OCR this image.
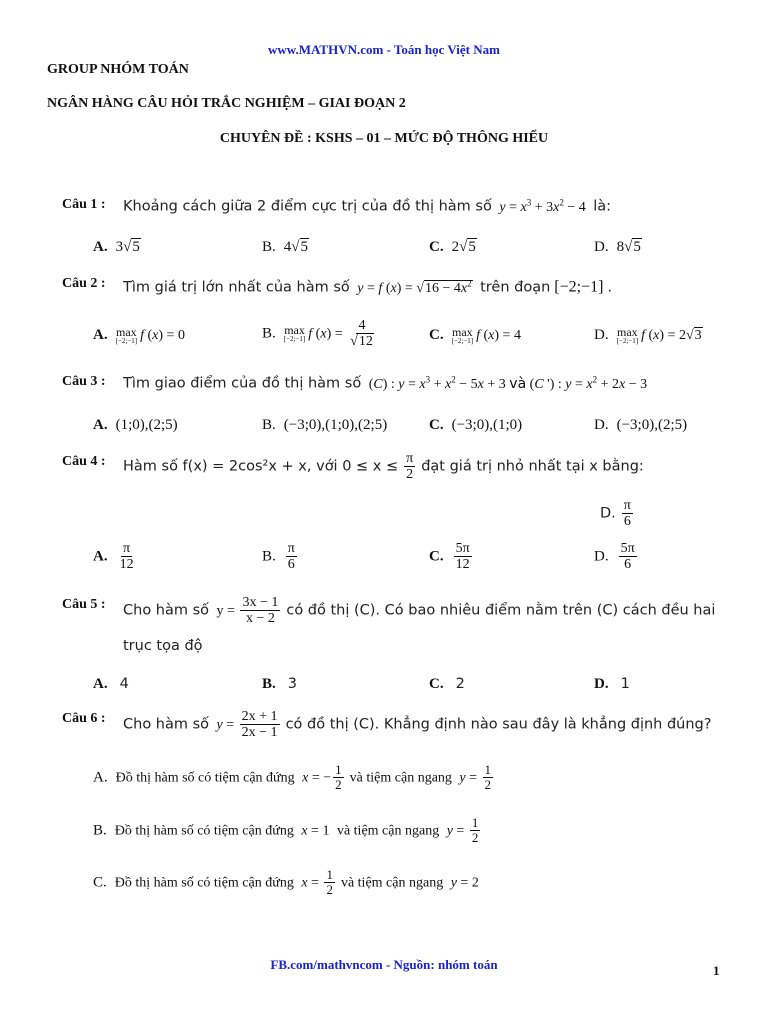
www.MATHVN.com - Toán học Việt Nam
GROUP NHÓM TOÁN
NGÂN HÀNG CÂU HỎI TRẮC NGHIỆM – GIAI ĐOẠN 2
CHUYÊN ĐỀ : KSHS – 01 – MỨC ĐỘ THÔNG HIỂU
Câu 1 : Khoảng cách giữa 2 điểm cực trị của đồ thị hàm số $y = x^3 + 3x^2 - 4$  là:
A. 3√5	B. 4√5	C. 2√5	D. 8√5
Câu 2 : Tìm giá trị lớn nhất của hàm số y = f $(x) = √16 - 4x^2$ trên đoạn [−2;−1] .
A. max
[−2;−1] f (x) = 0	B. max
[−2;−1] f $(x) = \frac{4}{√12}$	C. max
[−2;−1] f (x) = 4	D. max
[−2;−1] f (x) = 2√3
Câu 3 : Tìm giao điểm của đồ thị hàm số  (C) : $y = x^3 + x^2 - 5x + 3$ và (C ') : $y = x^2 + 2x - 3$
A. (1;0),(2;5)	B. (−3;0),(1;0),(2;5)	C. (−3;0),(1;0)	D. (−3;0),(2;5)
Câu 4 : Hàm số f(x) = 2cos²x + x, với $0 \le x \le \frac{\pi}{2}$ đạt giá trị nhỏ nhất tại x bằng:
D. $\frac{\pi}{6}$
A. $\frac{\pi}{12}$	B. $\frac{\pi}{6}$	C. $\frac{5\pi}{12}$	D. $\frac{5\pi}{6}$
Câu 5 : Cho hàm số  $y = \frac{3x - 1}{x - 2}$ có đồ thị (C). Có bao nhiêu điểm nằm trên (C) cách đều hai
trục tọa độ
A. 4	B. 3	C. 2	D. 1
Câu 6 : Cho hàm số $y = \frac{2x + 1}{2x - 1}$ có đồ thị (C). Khẳng định nào sau đây là khẳng định đúng?
A. Đồ thị hàm số có tiệm cận đứng x = − $\frac{1}{2}$ và tiệm cận ngang $y = \frac{1}{2}$
B. Đồ thị hàm số có tiệm cận đứng x = 1  và tiệm cận ngang $y = \frac{1}{2}$
C. Đồ thị hàm số có tiệm cận đứng $x = \frac{1}{2}$ và tiệm cận ngang y = 2
FB.com/mathvncom - Nguồn: nhóm toán	1
